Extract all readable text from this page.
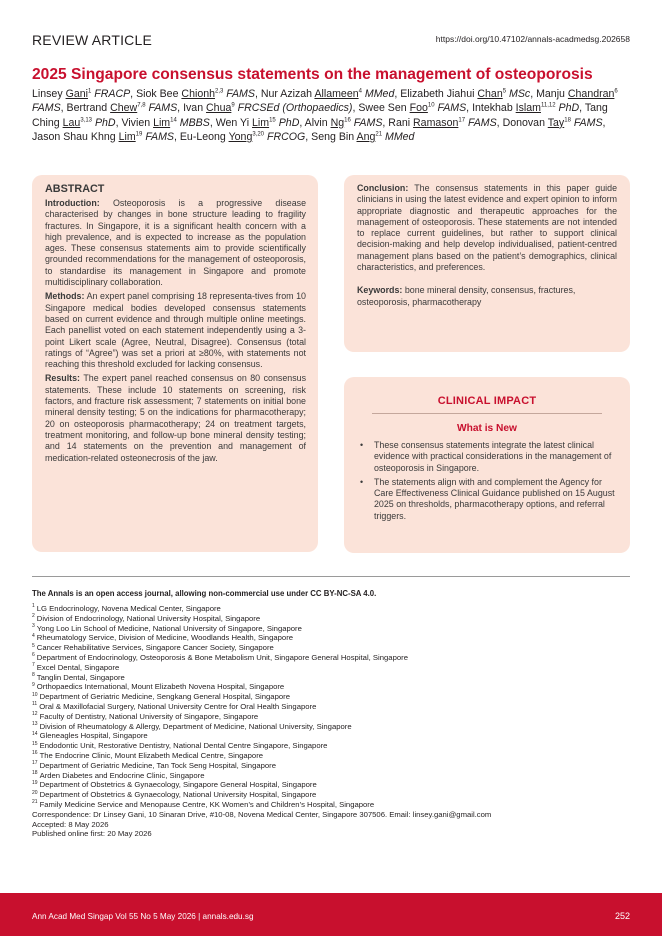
REVIEW ARTICLE	https://doi.org/10.47102/annals-acadmedsg.202658
2025 Singapore consensus statements on the management of osteoporosis
Linsey Gani$^1$ FRACP, Siok Bee Chionh$^{2,3}$ FAMS, Nur Azizah Allameen$^4$ MMed, Elizabeth Jiahui Chan$^5$ MSc, Manju Chandran$^6$ FAMS, Bertrand Chew$^{7,8}$ FAMS, Ivan Chua$^9$ FRCSEd (Orthopaedics), Swee Sen Foo$^{10}$ FAMS, Intekhab Islam$^{11,12}$ PhD, Tang Ching Lau$^{3,13}$ PhD, Vivien Lim$^{14}$ MBBS, Wen Yi Lim$^{15}$ PhD, Alvin Ng$^{16}$ FAMS, Rani Ramason$^{17}$ FAMS, Donovan Tay$^{18}$ FAMS, Jason Shau Khng Lim$^{19}$ FAMS, Eu-Leong Yong$^{3,20}$ FRCOG, Seng Bin Ang$^{21}$ MMed
ABSTRACT

Introduction: Osteoporosis is a progressive disease characterised by changes in bone structure leading to fragility fractures. In Singapore, it is a significant health concern with a high prevalence, and is expected to increase as the population ages. These consensus statements aim to provide scientifically grounded recommendations for the management of osteoporosis, to standardise its management in Singapore and promote multidisciplinary collaboration.

Methods: An expert panel comprising 18 representa-tives from 10 Singapore medical bodies developed consensus statements based on current evidence and through multiple online meetings. Each panellist voted on each statement independently using a 3-point Likert scale (Agree, Neutral, Disagree). Consensus (total ratings of “Agree”) was set a priori at ≥80%, with statements not reaching this threshold excluded for lacking consensus.

Results: The expert panel reached consensus on 80 consensus statements. These include 10 statements on screening, risk factors, and fracture risk assessment; 7 statements on initial bone mineral density testing; 5 on the indications for pharmacotherapy; 20 on osteoporosis pharmacotherapy; 24 on treatment targets, treatment monitoring, and follow-up bone mineral density testing; and 14 statements on the prevention and management of medication-related osteonecrosis of the jaw.

Conclusion: The consensus statements in this paper guide clinicians in using the latest evidence and expert opinion to inform appropriate diagnostic and therapeutic approaches for the management of osteoporosis. These statements are not intended to replace current guidelines, but rather to support clinical decision-making and help develop individualised, patient-centred management plans based on the patient’s demographics, clinical characteristics, and preferences.

Keywords: bone mineral density, consensus, fractures, osteoporosis, pharmacotherapy

CLINICAL IMPACT
What is New
• These consensus statements integrate the latest clinical evidence with practical considerations in the management of osteoporosis in Singapore.
• The statements align with and complement the Agency for Care Effectiveness Clinical Guidance published on 15 August 2025 on thresholds, pharmacotherapy options, and referral triggers.
The Annals is an open access journal, allowing non-commercial use under CC BY-NC-SA 4.0.
$^1$ LG Endocrinology, Novena Medical Center, Singapore
$^2$ Division of Endocrinology, National University Hospital, Singapore
$^3$ Yong Loo Lin School of Medicine, National University of Singapore, Singapore
$^4$ Rheumatology Service, Division of Medicine, Woodlands Health, Singapore
$^5$ Cancer Rehabilitative Services, Singapore Cancer Society, Singapore
$^6$ Department of Endocrinology, Osteoporosis & Bone Metabolism Unit, Singapore General Hospital, Singapore
$^7$ Excel Dental, Singapore
$^8$ Tanglin Dental, Singapore
$^9$ Orthopaedics International, Mount Elizabeth Novena Hospital, Singapore
$^{10}$ Department of Geriatric Medicine, Sengkang General Hospital, Singapore
$^{11}$ Oral & Maxillofacial Surgery, National University Centre for Oral Health Singapore
$^{12}$ Faculty of Dentistry, National University of Singapore, Singapore
$^{13}$ Division of Rheumatology & Allergy, Department of Medicine, National University, Singapore
$^{14}$ Gleneagles Hospital, Singapore
$^{15}$ Endodontic Unit, Restorative Dentistry, National Dental Centre Singapore, Singapore
$^{16}$ The Endocrine Clinic, Mount Elizabeth Medical Centre, Singapore
$^{17}$ Department of Geriatric Medicine, Tan Tock Seng Hospital, Singapore
$^{18}$ Arden Diabetes and Endocrine Clinic, Singapore
$^{19}$ Department of Obstetrics & Gynaecology, Singapore General Hospital, Singapore
$^{20}$ Department of Obstetrics & Gynaecology, National University Hospital, Singapore
$^{21}$ Family Medicine Service and Menopause Centre, KK Women’s and Children’s Hospital, Singapore
Correspondence: Dr Linsey Gani, 10 Sinaran Drive, #10-08, Novena Medical Center, Singapore 307506. Email: linsey.gani@gmail.com
Accepted: 8 May 2026
Published online first: 20 May 2026
Ann Acad Med Singap Vol 55 No 5 May 2026 | annals.edu.sg	252
